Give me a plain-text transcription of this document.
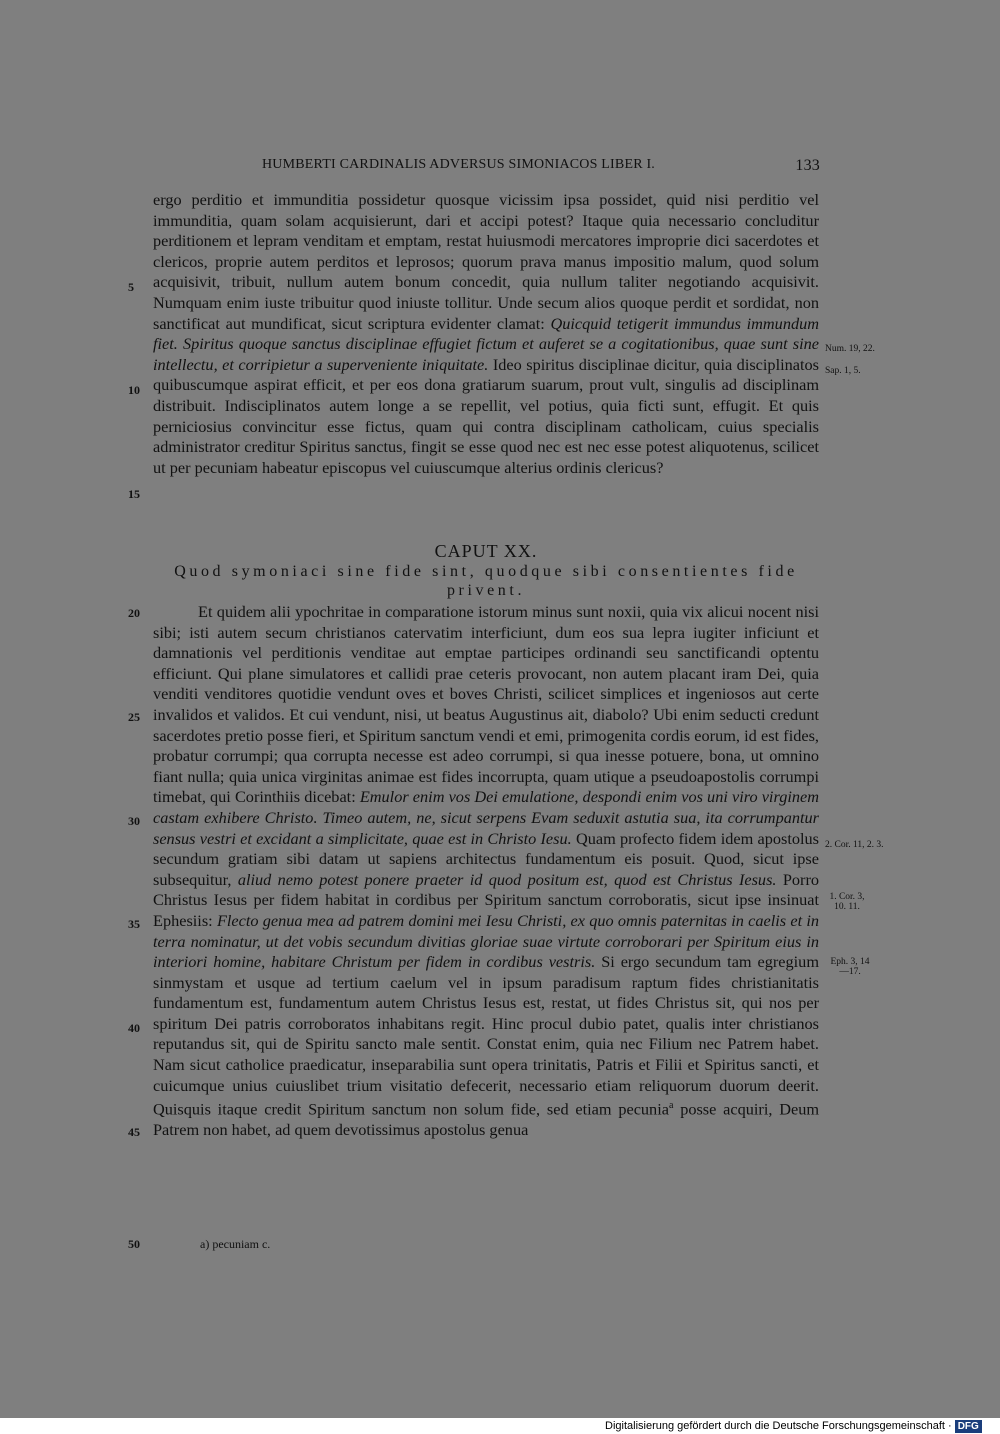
HUMBERTI CARDINALIS ADVERSUS SIMONIACOS LIBER I.	133

ergo perditio et immunditia possidetur quosque vicissim ipsa possidet, quid nisi perditio vel immunditia, quam solam acquisierunt, dari et accipi potest? Itaque quia necessario concluditur perditionem et lepram venditam et emptam, restat huiusmodi mercatores improprie dici sacerdotes et clericos, proprie autem perditos et leprosos; quorum prava manus impositio malum, quod solum acquisivit, tribuit, nullum autem bonum concedit, quia nullum taliter negotiando acquisivit. Numquam enim iuste tribuitur quod iniuste tollitur. Unde secum alios quoque perdit et sordidat, non sanctificat aut mundificat, sicut scriptura evidenter clamat: Quicquid tetigerit immundus immundum fiet. Spiritus quoque sanctus disciplinae effugiet fictum et auferet se a cogitationibus, quae sunt sine intellectu, et corripietur a superveniente iniquitate. Ideo spiritus disciplinae dicitur, quia disciplinatos quibuscumque aspirat efficit, et per eos dona gratiarum suarum, prout vult, singulis ad disciplinam distribuit. Indisciplinatos autem longe a se repellit, vel potius, quia ficti sunt, effugit. Et quis perniciosius convincitur esse fictus, quam qui contra disciplinam catholicam, cuius specialis administrator creditur Spiritus sanctus, fingit se esse quod nec est nec esse potest aliquotenus, scilicet ut per pecuniam habeatur episcopus vel cuiuscumque alterius ordinis clericus?

CAPUT XX.
Quod symoniaci sine fide sint, quodque sibi consentientes fide privent.

Et quidem alii ypochritae in comparatione istorum minus sunt noxii, quia vix alicui nocent nisi sibi; isti autem secum christianos catervatim interficiunt, dum eos sua lepra iugiter inficiunt et damnationis vel perditionis venditae aut emptae participes ordinandi seu sanctificandi optentu efficiunt. Qui plane simulatores et callidi prae ceteris provocant, non autem placant iram Dei, quia venditi venditores quotidie vendunt oves et boves Christi, scilicet simplices et ingeniosos aut certe invalidos et validos. Et cui vendunt, nisi, ut beatus Augustinus ait, diabolo? Ubi enim seducti credunt sacerdotes pretio posse fieri, et Spiritum sanctum vendi et emi, primogenita cordis eorum, id est fides, probatur corrumpi; qua corrupta necesse est adeo corrumpi, si qua inesse potuere, bona, ut omnino fiant nulla; quia unica virginitas animae est fides incorrupta, quam utique a pseudoapostolis corrumpi timebat, qui Corinthiis dicebat: Emulor enim vos Dei emulatione, despondi enim vos uni viro virginem castam exhibere Christo. Timeo autem, ne, sicut serpens Evam seduxit astutia sua, ita corrumpantur sensus vestri et excidant a simplicitate, quae est in Christo Iesu. Quam profecto fidem idem apostolus secundum gratiam sibi datam ut sapiens architectus fundamentum eis posuit. Quod, sicut ipse subsequitur, aliud nemo potest ponere praeter id quod positum est, quod est Christus Iesus. Porro Christus Iesus per fidem habitat in cordibus per Spiritum sanctum corroboratis, sicut ipse insinuat Ephesiis: Flecto genua mea ad patrem domini mei Iesu Christi, ex quo omnis paternitas in caelis et in terra nominatur, ut det vobis secundum divitias gloriae suae virtute corroborari per Spiritum eius in interiori homine, habitare Christum per fidem in cordibus vestris. Si ergo secundum tam egregium sinmystam et usque ad tertium caelum vel in ipsum paradisum raptum fides christianitatis fundamentum est, fundamentum autem Christus Iesus est, restat, ut fides Christus sit, qui nos per spiritum Dei patris corroboratos inhabitans regit. Hinc procul dubio patet, qualis inter christianos reputandus sit, qui de Spiritu sancto male sentit. Constat enim, quia nec Filium nec Patrem habet. Nam sicut catholice praedicatur, inseparabilia sunt opera trinitatis, Patris et Filii et Spiritus sancti, et cuicumque unius cuiuslibet trium visitatio defecerit, necessario etiam reliquorum duorum deerit. Quisquis itaque credit Spiritum sanctum non solum fide, sed etiam pecunia$^a$ posse acquiri, Deum Patrem non habet, ad quem devotissimus apostolus genua

5
10
15
20
25
30
35
40
45
50
Num. 19, 22.
Sap. 1, 5.
2. Cor. 11, 2. 3.
1. Cor. 3,
10. 11.
Eph. 3, 14
—17.
a) pecuniam c.
Digitalisierung gefördert durch die Deutsche Forschungsgemeinschaft · DFG
